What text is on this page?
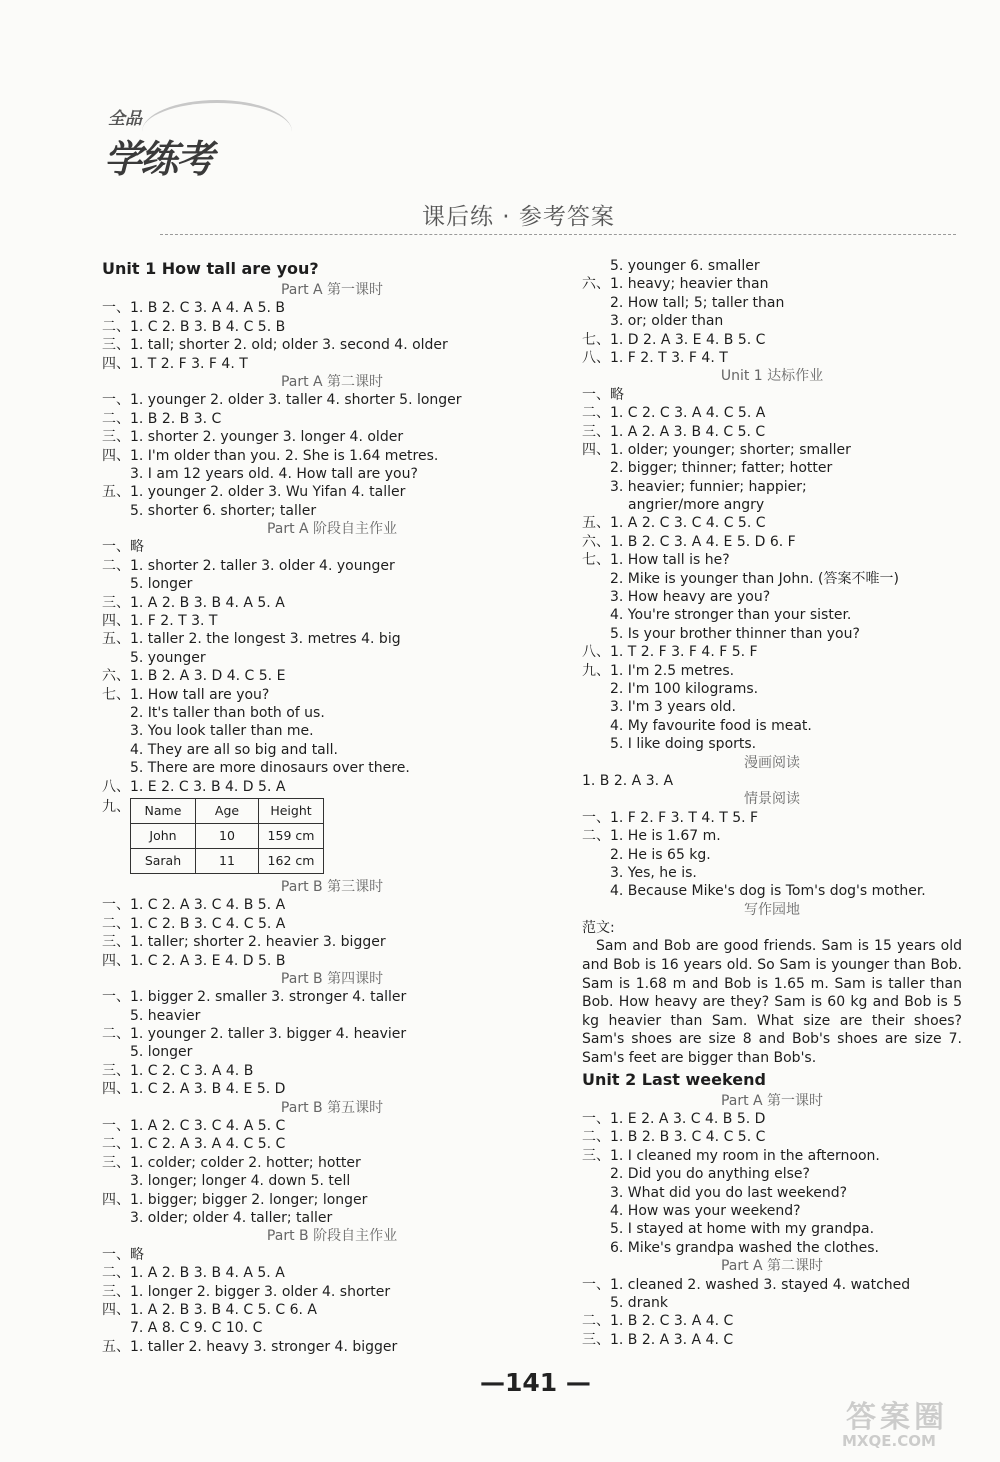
全品
学练考
课后练 · 参考答案
Unit 1 How tall are you?
Part A 第一课时
一、1. B 2. C 3. A 4. A 5. B
二、1. C 2. B 3. B 4. C 5. B
三、1. tall; shorter 2. old; older 3. second 4. older
四、1. T 2. F 3. F 4. T
Part A 第二课时
一、1. younger 2. older 3. taller 4. shorter 5. longer
二、1. B 2. B 3. C
三、1. shorter 2. younger 3. longer 4. older
四、1. I'm older than you. 2. She is 1.64 metres.
3. I am 12 years old. 4. How tall are you?
五、1. younger 2. older 3. Wu Yifan 4. taller
5. shorter 6. shorter; taller
Part A 阶段自主作业
一、略
二、1. shorter 2. taller 3. older 4. younger
5. longer
三、1. A 2. B 3. B 4. A 5. A
四、1. F 2. T 3. T
五、1. taller 2. the longest 3. metres 4. big
5. younger
六、1. B 2. A 3. D 4. C 5. E
七、1. How tall are you?
2. It's taller than both of us.
3. You look taller than me.
4. They are all so big and tall.
5. There are more dinosaurs over there.
八、1. E 2. C 3. B 4. D 5. A
九、 Name	Age	Height
John	10	159 cm
Sarah	11	162 cm
Part B 第三课时
一、1. C 2. A 3. C 4. B 5. A
二、1. C 2. B 3. C 4. C 5. A
三、1. taller; shorter 2. heavier 3. bigger
四、1. C 2. A 3. E 4. D 5. B
Part B 第四课时
一、1. bigger 2. smaller 3. stronger 4. taller
5. heavier
二、1. younger 2. taller 3. bigger 4. heavier
5. longer
三、1. C 2. C 3. A 4. B
四、1. C 2. A 3. B 4. E 5. D
Part B 第五课时
一、1. A 2. C 3. C 4. A 5. C
二、1. C 2. A 3. A 4. C 5. C
三、1. colder; colder 2. hotter; hotter
3. longer; longer 4. down 5. tell
四、1. bigger; bigger 2. longer; longer
3. older; older 4. taller; taller
Part B 阶段自主作业
一、略
二、1. A 2. B 3. B 4. A 5. A
三、1. longer 2. bigger 3. older 4. shorter
四、1. A 2. B 3. B 4. C 5. C 6. A
7. A 8. C 9. C 10. C
五、1. taller 2. heavy 3. stronger 4. bigger
5. younger 6. smaller
六、1. heavy; heavier than
2. How tall; 5; taller than
3. or; older than
七、1. D 2. A 3. E 4. B 5. C
八、1. F 2. T 3. F 4. T
Unit 1 达标作业
一、略
二、1. C 2. C 3. A 4. C 5. A
三、1. A 2. A 3. B 4. C 5. C
四、1. older; younger; shorter; smaller
2. bigger; thinner; fatter; hotter
3. heavier; funnier; happier;
angrier/more angry
五、1. A 2. C 3. C 4. C 5. C
六、1. B 2. C 3. A 4. E 5. D 6. F
七、1. How tall is he?
2. Mike is younger than John. (答案不唯一)
3. How heavy are you?
4. You're stronger than your sister.
5. Is your brother thinner than you?
八、1. T 2. F 3. F 4. F 5. F
九、1. I'm 2.5 metres.
2. I'm 100 kilograms.
3. I'm 3 years old.
4. My favourite food is meat.
5. I like doing sports.
漫画阅读
1. B 2. A 3. A
情景阅读
一、1. F 2. F 3. T 4. T 5. F
二、1. He is 1.67 m.
2. He is 65 kg.
3. Yes, he is.
4. Because Mike's dog is Tom's dog's mother.
写作园地
范文:
Sam and Bob are good friends. Sam is 15 years old and Bob is 16 years old. So Sam is younger than Bob. Sam is 1.68 m and Bob is 1.65 m. Sam is taller than Bob. How heavy are they? Sam is 60 kg and Bob is 5 kg heavier than Sam. What size are their shoes? Sam's shoes are size 8 and Bob's shoes are size 7. Sam's feet are bigger than Bob's.
Unit 2 Last weekend
Part A 第一课时
一、1. E 2. A 3. C 4. B 5. D
二、1. B 2. B 3. C 4. C 5. C
三、1. I cleaned my room in the afternoon.
2. Did you do anything else?
3. What did you do last weekend?
4. How was your weekend?
5. I stayed at home with my grandpa.
6. Mike's grandpa washed the clothes.
Part A 第二课时
一、1. cleaned 2. washed 3. stayed 4. watched
5. drank
二、1. B 2. C 3. A 4. C
三、1. B 2. A 3. A 4. C
—141 —
答案圈
MXQE.COM
